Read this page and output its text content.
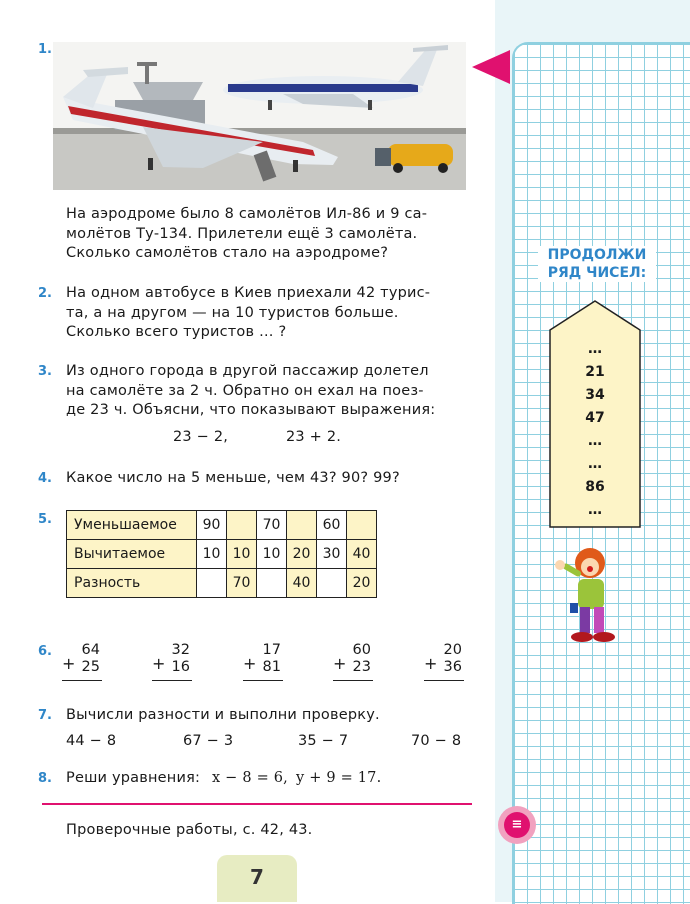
1.
На аэродроме было 8 самолётов Ил-86 и 9 са-
молётов Ту-134. Прилетели ещё 3 самолёта.
Сколько самолётов стало на аэродроме?
2. На одном автобусе в Киев приехали 42 турис-
та, а на другом — на 10 туристов больше.
Сколько всего туристов … ?
3. Из одного города в другой пассажир долетел
на самолёте за 2 ч. Обратно он ехал на поез-
де 23 ч. Объясни, что показывают выражения:
23 − 2,	23 + 2.
4. Какое число на 5 меньше, чем 43? 90? 99?
5. Уменьшаемое	90		70		60	
Вычитаемое	10	10	10	20	30	40
Разность		70		40		20
6.
+
64
25	+
32
16	+
17
81	+
60
23	+
20
36
7. Вычисли разности и выполни проверку.
44 − 8	67 − 3	35 − 7	70 − 8
8. Реши уравнения: x − 8 = 6, y + 9 = 17.
Проверочные работы, с. 42, 43.
7
ПРОДОЛЖИ
РЯД ЧИСЕЛ:
…
21
34
47
…
…
86
…
≡
